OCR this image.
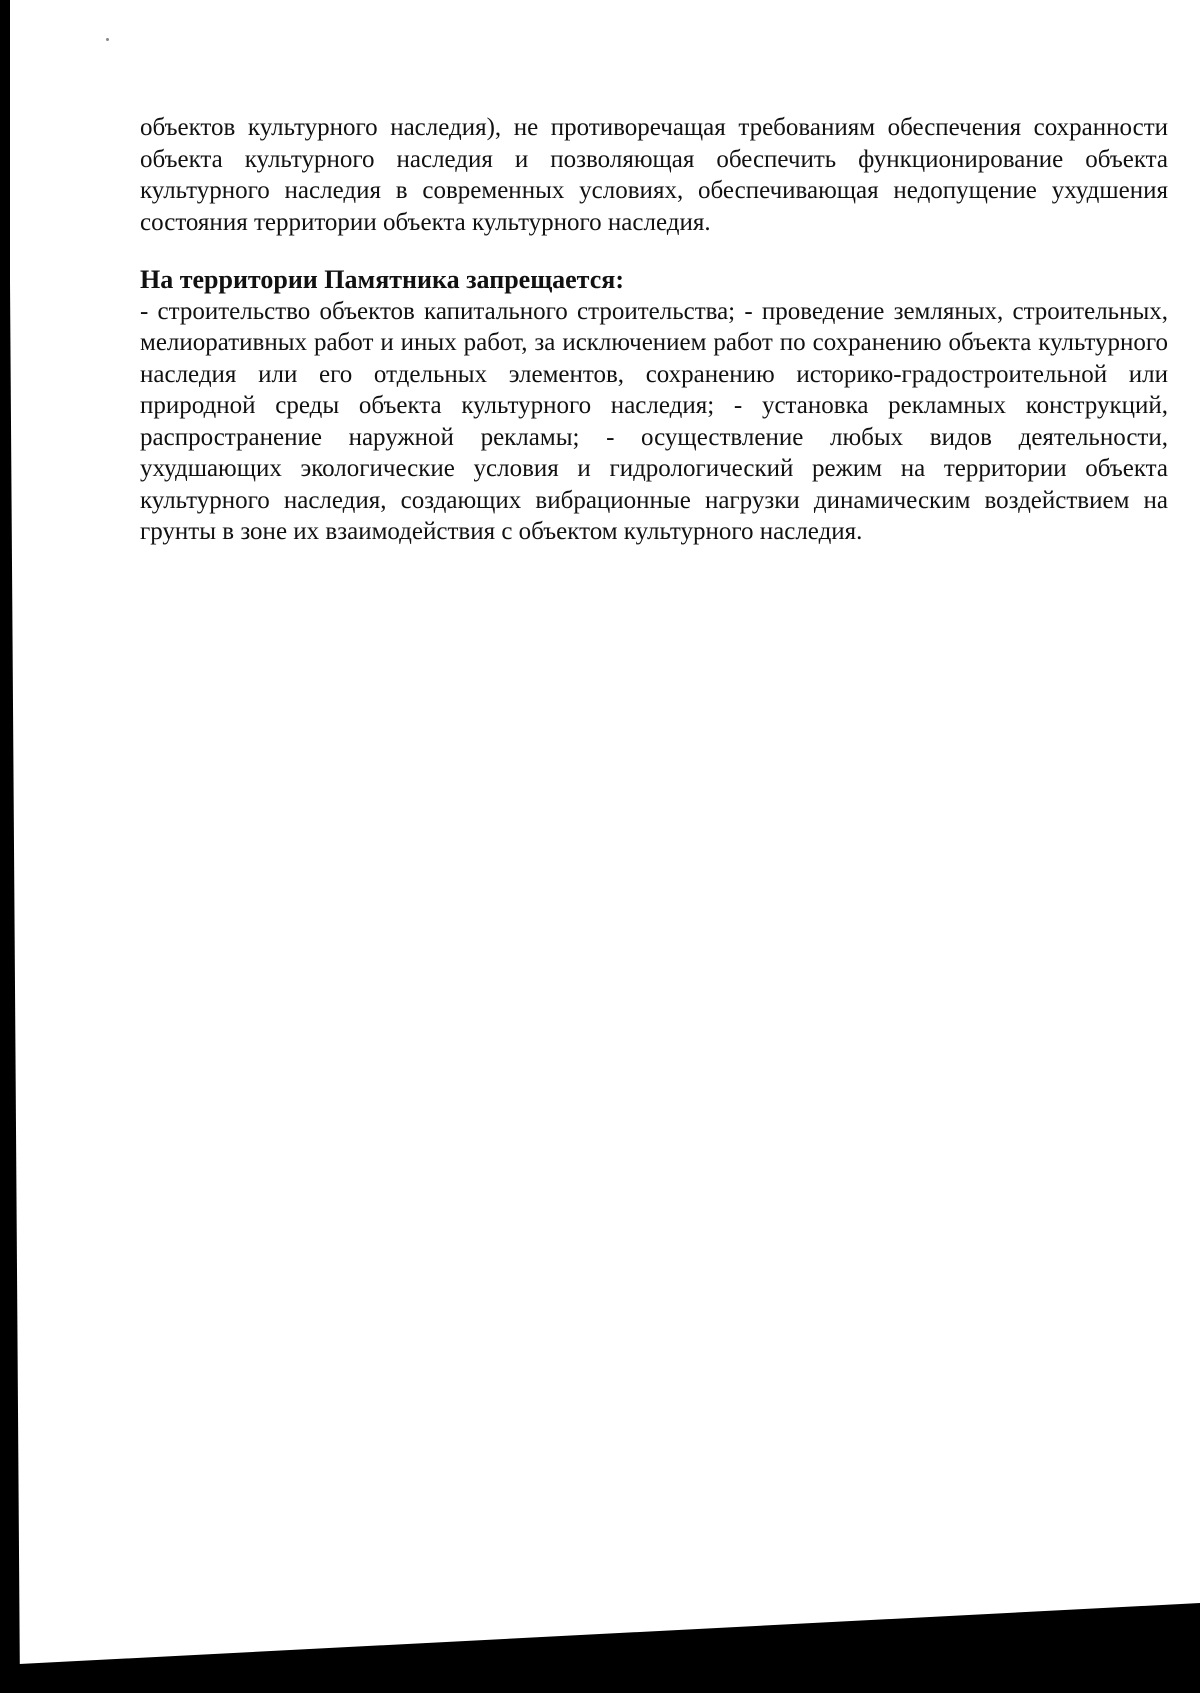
объектов культурного наследия), не противоречащая требованиям обеспечения сохранности объекта культурного наследия и позволяющая обеспечить функционирование объекта культурного наследия в современных условиях, обеспечивающая недопущение ухудшения состояния территории объекта культурного наследия.

На территории Памятника запрещается:

- строительство объектов капитального строительства; - проведение земляных, строительных, мелиоративных работ и иных работ, за исключением работ по сохранению объекта культурного наследия или его отдельных элементов, сохранению историко-градостроительной или природной среды объекта культурного наследия; - установка рекламных конструкций, распространение наружной рекламы; - осуществление любых видов деятельности, ухудшающих экологические условия и гидрологический режим на территории объекта культурного наследия, создающих вибрационные нагрузки динамическим воздействием на грунты в зоне их взаимодействия с объектом культурного наследия.
